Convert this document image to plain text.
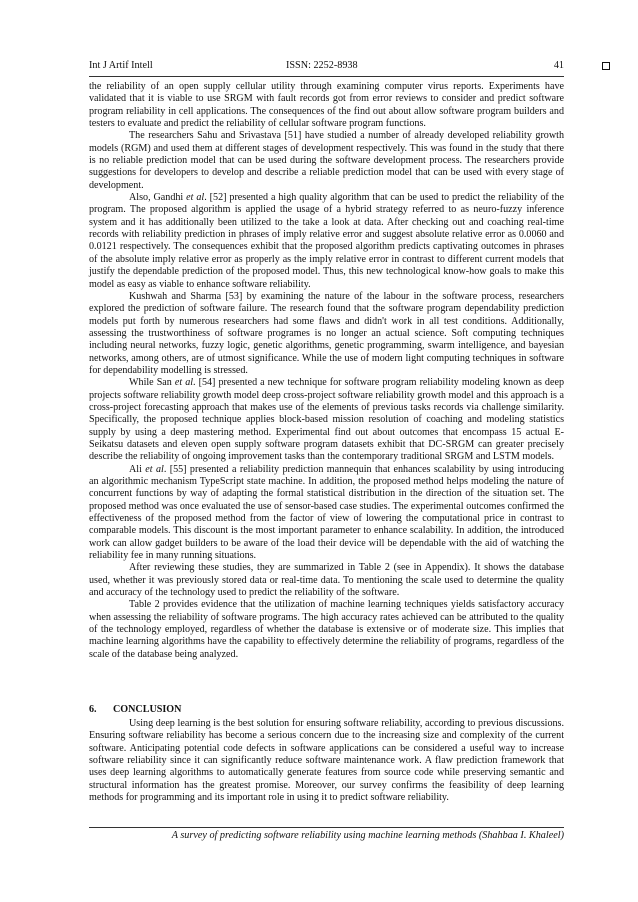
Int J Artif Intell	ISSN: 2252-8938	41

the reliability of an open supply cellular utility through examining computer virus reports. Experiments have validated that it is viable to use SRGM with fault records got from error reviews to consider and predict software program reliability in cell applications. The consequences of the find out about allow software program builders and testers to evaluate and predict the reliability of cellular software program functions.

The researchers Sahu and Srivastava [51] have studied a number of already developed reliability growth models (RGM) and used them at different stages of development respectively. This was found in the study that there is no reliable prediction model that can be used during the software development process. The researchers provide suggestions for developers to develop and describe a reliable prediction model that can be used with every stage of development.

Also, Gandhi et al. [52] presented a high quality algorithm that can be used to predict the reliability of the program. The proposed algorithm is applied the usage of a hybrid strategy referred to as neuro-fuzzy inference system and it has additionally been utilized to the take a look at data. After checking out and coaching real-time records with reliability prediction in phrases of imply relative error and suggest absolute relative error as 0.0060 and 0.0121 respectively. The consequences exhibit that the proposed algorithm predicts captivating outcomes in phrases of the absolute imply relative error as properly as the imply relative error in contrast to different current models that justify the dependable prediction of the proposed model. Thus, this new technological know-how goals to make this model as easy as viable to enhance software reliability.

Kushwah and Sharma [53] by examining the nature of the labour in the software process, researchers explored the prediction of software failure. The research found that the software program dependability prediction models put forth by numerous researchers had some flaws and didn't work in all test conditions. Additionally, assessing the trustworthiness of software programes is no longer an actual science. Soft computing techniques including neural networks, fuzzy logic, genetic algorithms, genetic programming, swarm intelligence, and bayesian networks, among others, are of utmost significance. While the use of modern light computing techniques in software for dependability modelling is stressed.

While San et al. [54] presented a new technique for software program reliability modeling known as deep projects software reliability growth model deep cross-project software reliability growth model and this approach is a cross-project forecasting approach that makes use of the elements of previous tasks records via challenge similarity. Specifically, the proposed technique applies block-based mission resolution of coaching and modeling statistics supply by using a deep mastering method. Experimental find out about outcomes that encompass 15 actual E-Seikatsu datasets and eleven open supply software program datasets exhibit that DC-SRGM can greater precisely describe the reliability of ongoing improvement tasks than the contemporary traditional SRGM and LSTM models.

Ali et al. [55] presented a reliability prediction mannequin that enhances scalability by using introducing an algorithmic mechanism TypeScript state machine. In addition, the proposed method helps modeling the nature of concurrent functions by way of adapting the formal statistical distribution in the direction of the situation set. The proposed method was once evaluated the use of sensor-based case studies. The experimental outcomes confirmed the effectiveness of the proposed method from the factor of view of lowering the computational price in contrast to comparable models. This discount is the most important parameter to enhance scalability. In addition, the introduced work can allow gadget builders to be aware of the load their device will be dependable with the aid of watching the reliability fee in many running situations.

After reviewing these studies, they are summarized in Table 2 (see in Appendix). It shows the database used, whether it was previously stored data or real-time data. To mentioning the scale used to determine the quality and accuracy of the technology used to predict the reliability of the software.

Table 2 provides evidence that the utilization of machine learning techniques yields satisfactory accuracy when assessing the reliability of software programs. The high accuracy rates achieved can be attributed to the quality of the technology employed, regardless of whether the database is extensive or of moderate size. This implies that machine learning algorithms have the capability to effectively determine the reliability of programs, regardless of the scale of the database being analyzed.

6. CONCLUSION

Using deep learning is the best solution for ensuring software reliability, according to previous discussions. Ensuring software reliability has become a serious concern due to the increasing size and complexity of the current software. Anticipating potential code defects in software applications can be considered a useful way to increase software reliability since it can significantly reduce software maintenance work. A flaw prediction framework that uses deep learning algorithms to automatically generate features from source code while preserving semantic and structural information has the greatest promise. Moreover, our survey confirms the feasibility of deep learning methods for programming and its important role in using it to predict software reliability.

A survey of predicting software reliability using machine learning methods (Shahbaa I. Khaleel)
